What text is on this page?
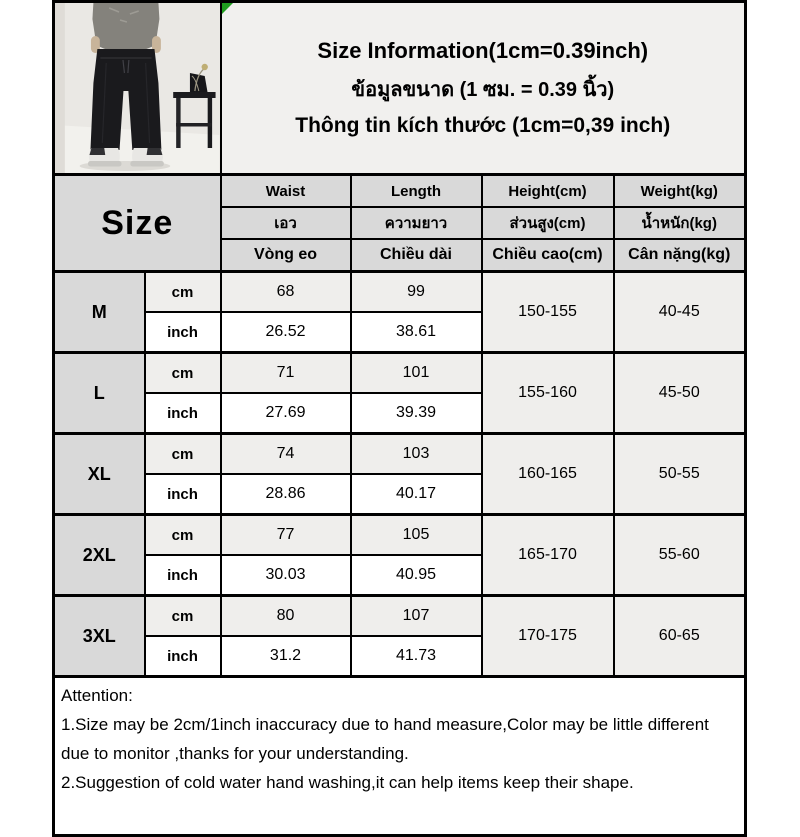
Size Information(1cm=0.39inch)
ข้อมูลขนาด (1 ซม. = 0.39 นิ้ว)
Thông tin kích thước (1cm=0,39 inch)			

Size		Waist	Length	Height(cm)	Weight(kg)
		เอว	ความยาว	ส่วนสูง(cm)	น้ำหนัก(kg)
		Vòng eo	Chiều dài	Chiều cao(cm)	Cân nặng(kg)
M	cm	68	99	150-155	40-45
	inch	26.52	38.61		
L	cm	71	101	155-160	45-50
	inch	27.69	39.39		
XL	cm	74	103	160-165	50-55
	inch	28.86	40.17		
2XL	cm	77	105	165-170	55-60
	inch	30.03	40.95		
3XL	cm	80	107	170-175	60-65
	inch	31.2	41.73		

Attention:
1.Size may be 2cm/1inch inaccuracy due to hand measure,Color may be little different
due to monitor ,thanks for your understanding.
2.Suggestion of cold water hand washing,it can help items keep their shape.					
